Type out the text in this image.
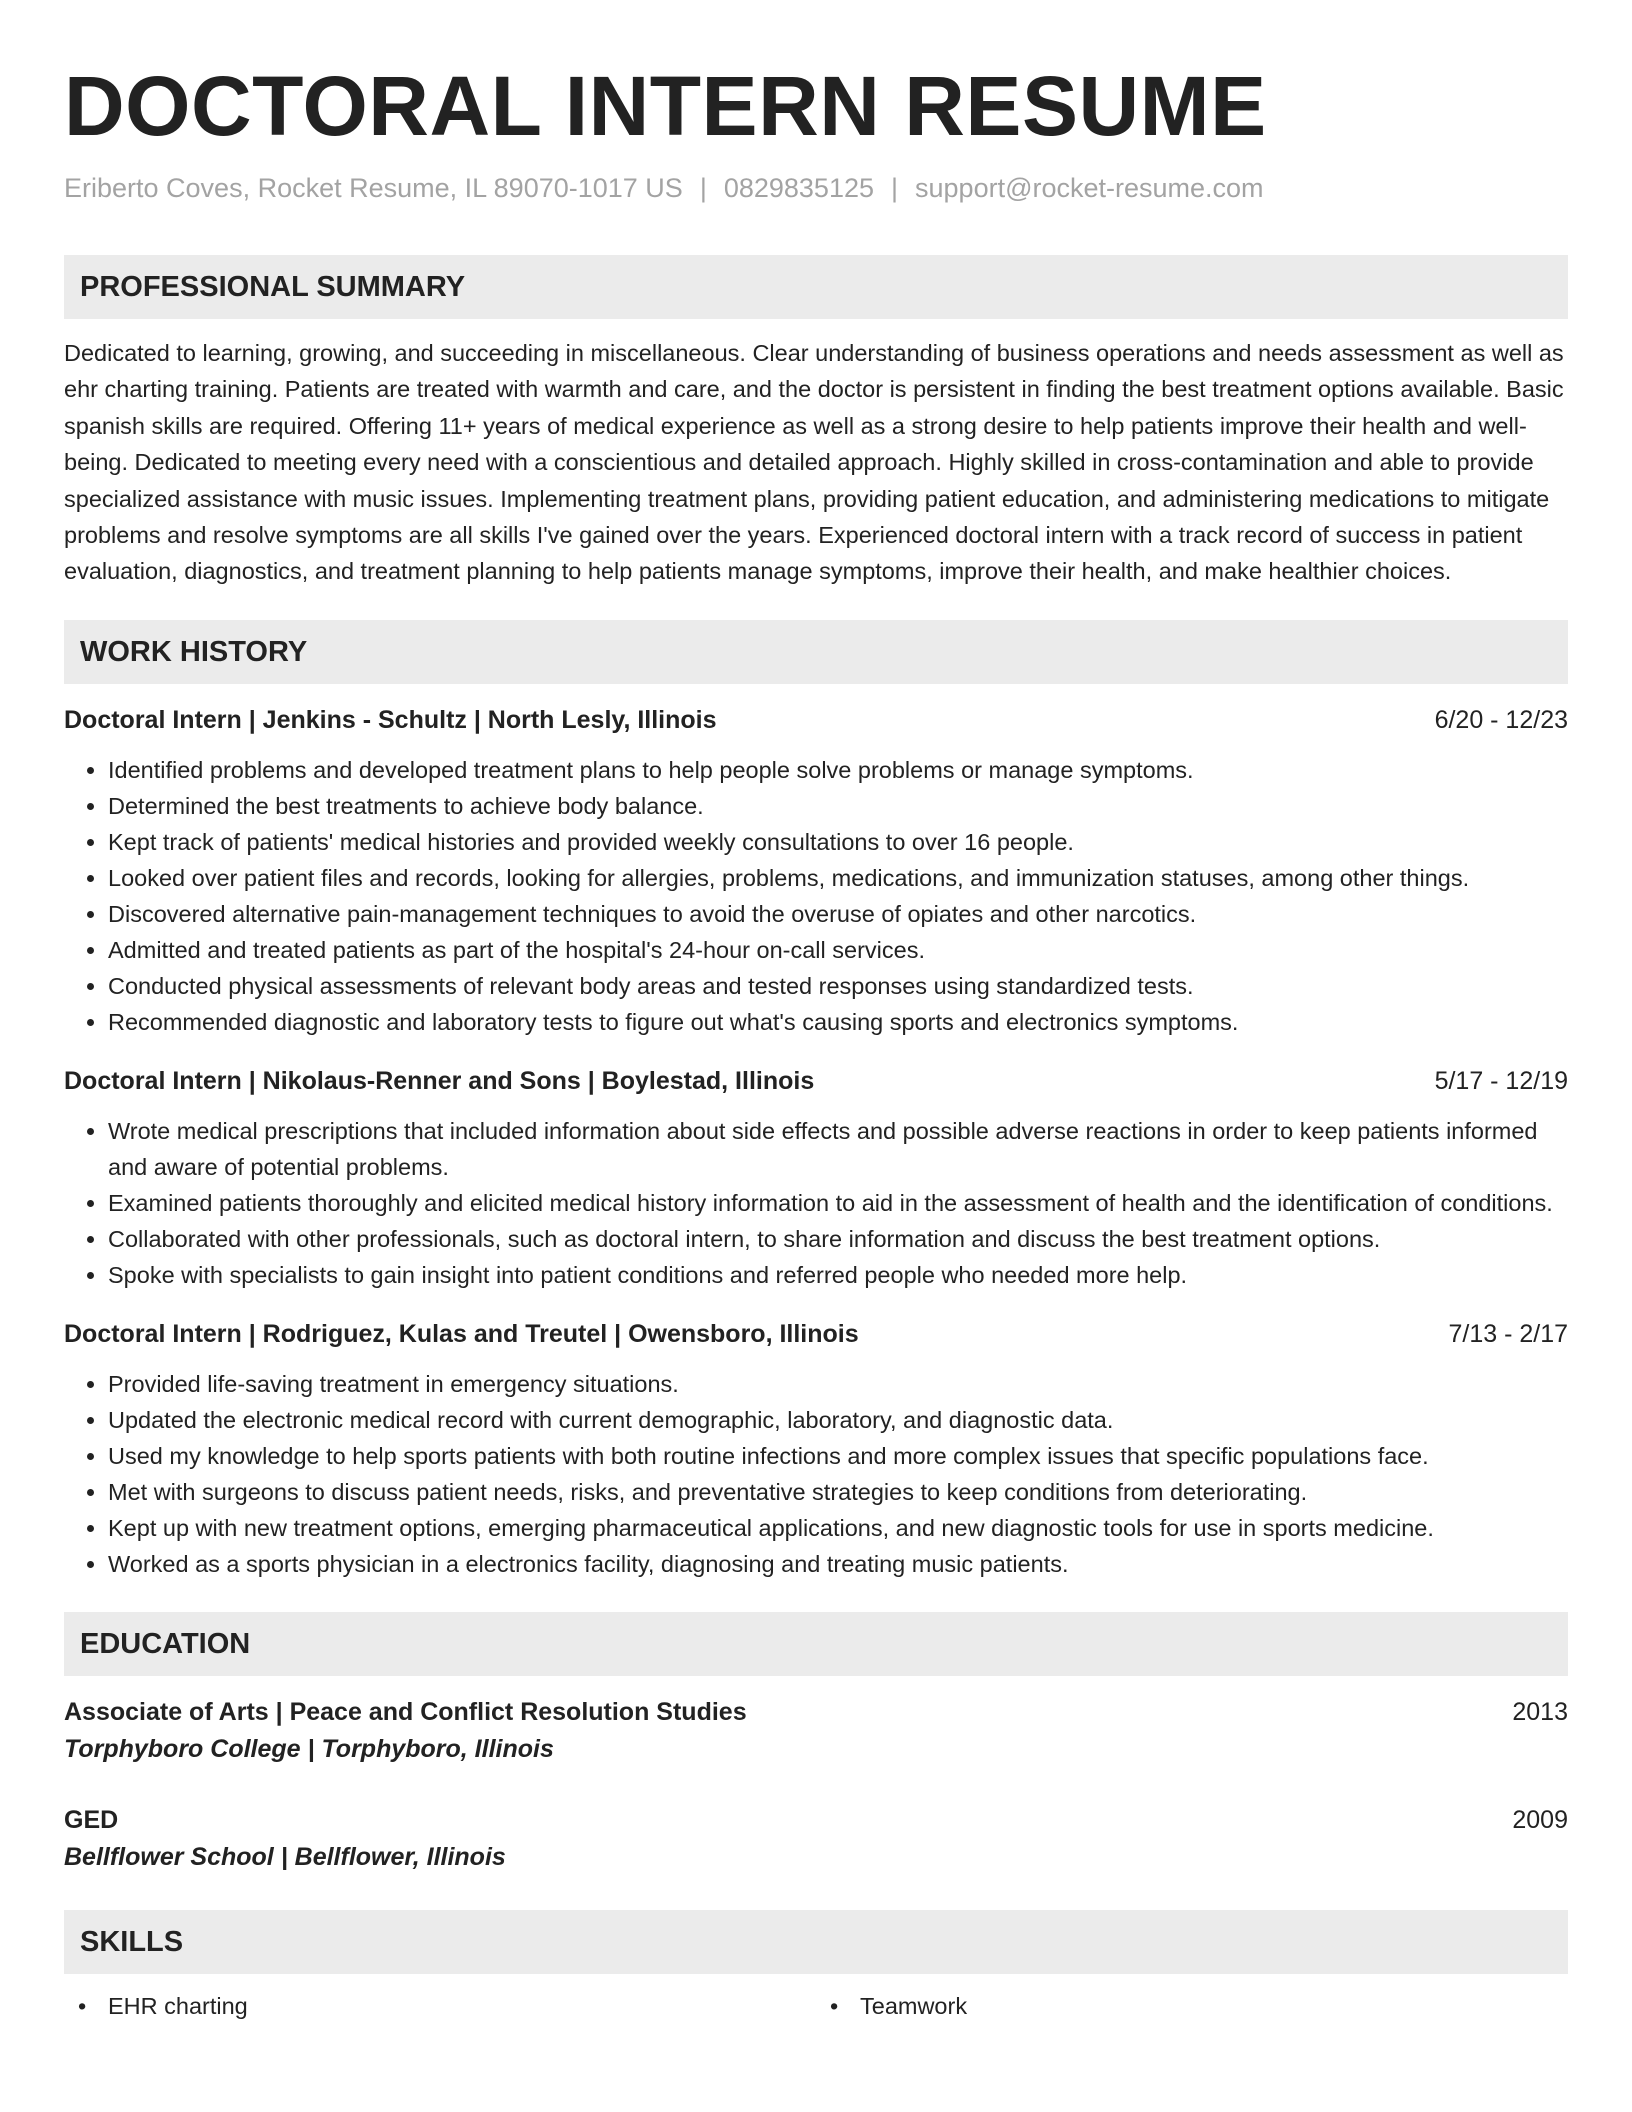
DOCTORAL INTERN RESUME
Eriberto Coves, Rocket Resume, IL 89070-1017 US | 0829835125 | support@rocket-resume.com
PROFESSIONAL SUMMARY
Dedicated to learning, growing, and succeeding in miscellaneous. Clear understanding of business operations and needs assessment as well as ehr charting training. Patients are treated with warmth and care, and the doctor is persistent in finding the best treatment options available. Basic spanish skills are required. Offering 11+ years of medical experience as well as a strong desire to help patients improve their health and well-being. Dedicated to meeting every need with a conscientious and detailed approach. Highly skilled in cross-contamination and able to provide specialized assistance with music issues. Implementing treatment plans, providing patient education, and administering medications to mitigate problems and resolve symptoms are all skills I've gained over the years. Experienced doctoral intern with a track record of success in patient evaluation, diagnostics, and treatment planning to help patients manage symptoms, improve their health, and make healthier choices.
WORK HISTORY
Doctoral Intern | Jenkins - Schultz | North Lesly, Illinois	6/20 - 12/23
• Identified problems and developed treatment plans to help people solve problems or manage symptoms.
• Determined the best treatments to achieve body balance.
• Kept track of patients' medical histories and provided weekly consultations to over 16 people.
• Looked over patient files and records, looking for allergies, problems, medications, and immunization statuses, among other things.
• Discovered alternative pain-management techniques to avoid the overuse of opiates and other narcotics.
• Admitted and treated patients as part of the hospital's 24-hour on-call services.
• Conducted physical assessments of relevant body areas and tested responses using standardized tests.
• Recommended diagnostic and laboratory tests to figure out what's causing sports and electronics symptoms.
Doctoral Intern | Nikolaus-Renner and Sons | Boylestad, Illinois	5/17 - 12/19
• Wrote medical prescriptions that included information about side effects and possible adverse reactions in order to keep patients informed and aware of potential problems.
• Examined patients thoroughly and elicited medical history information to aid in the assessment of health and the identification of conditions.
• Collaborated with other professionals, such as doctoral intern, to share information and discuss the best treatment options.
• Spoke with specialists to gain insight into patient conditions and referred people who needed more help.
Doctoral Intern | Rodriguez, Kulas and Treutel | Owensboro, Illinois	7/13 - 2/17
• Provided life-saving treatment in emergency situations.
• Updated the electronic medical record with current demographic, laboratory, and diagnostic data.
• Used my knowledge to help sports patients with both routine infections and more complex issues that specific populations face.
• Met with surgeons to discuss patient needs, risks, and preventative strategies to keep conditions from deteriorating.
• Kept up with new treatment options, emerging pharmaceutical applications, and new diagnostic tools for use in sports medicine.
• Worked as a sports physician in a electronics facility, diagnosing and treating music patients.
EDUCATION
Associate of Arts | Peace and Conflict Resolution Studies	2013
Torphyboro College | Torphyboro, Illinois
GED	2009
Bellflower School | Bellflower, Illinois
SKILLS
• EHR charting
•	Teamwork
